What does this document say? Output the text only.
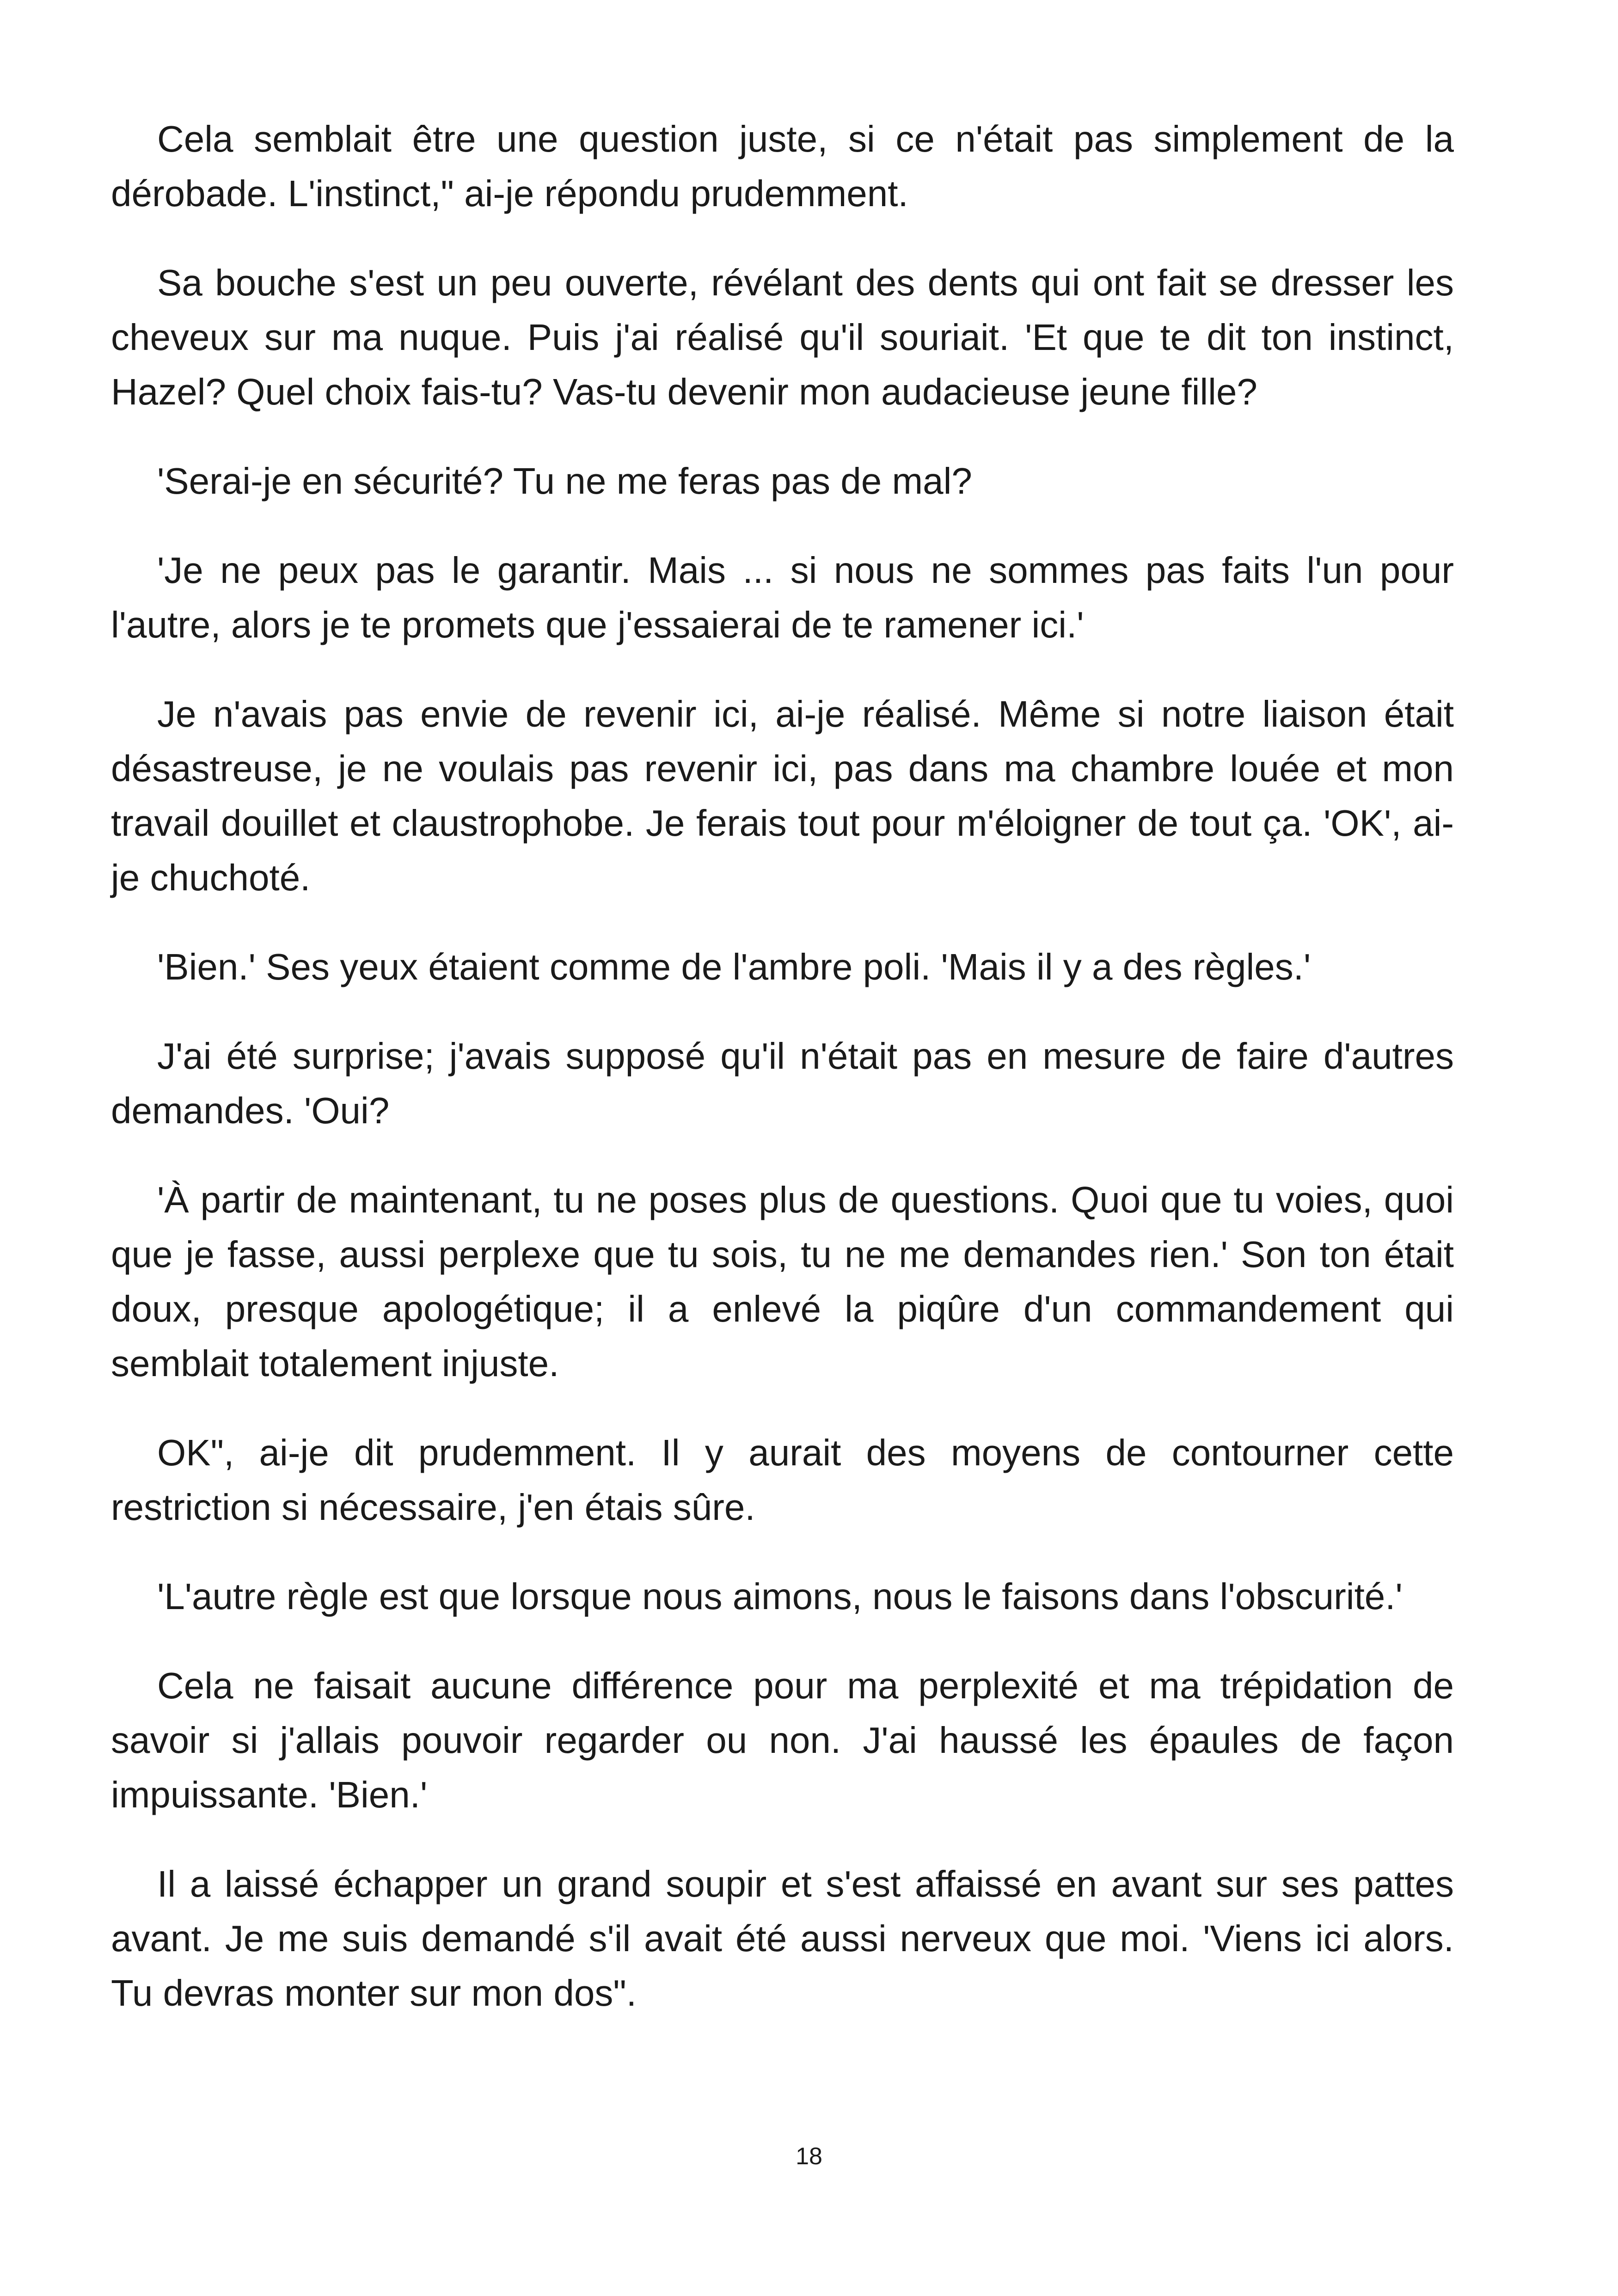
Cela semblait être une question juste, si ce n'était pas simplement de la dérobade. L'instinct," ai-je répondu prudemment.

Sa bouche s'est un peu ouverte, révélant des dents qui ont fait se dresser les cheveux sur ma nuque. Puis j'ai réalisé qu'il souriait. 'Et que te dit ton instinct, Hazel? Quel choix fais-tu? Vas-tu devenir mon audacieuse jeune fille?

'Serai-je en sécurité? Tu ne me feras pas de mal?

'Je ne peux pas le garantir. Mais ... si nous ne sommes pas faits l'un pour l'autre, alors je te promets que j'essaierai de te ramener ici.'

Je n'avais pas envie de revenir ici, ai-je réalisé. Même si notre liaison était désastreuse, je ne voulais pas revenir ici, pas dans ma chambre louée et mon travail douillet et claustrophobe. Je ferais tout pour m'éloigner de tout ça. 'OK', ai-je chuchoté.

'Bien.' Ses yeux étaient comme de l'ambre poli. 'Mais il y a des règles.'

J'ai été surprise; j'avais supposé qu'il n'était pas en mesure de faire d'autres demandes. 'Oui?

'À partir de maintenant, tu ne poses plus de questions. Quoi que tu voies, quoi que je fasse, aussi perplexe que tu sois, tu ne me demandes rien.' Son ton était doux, presque apologétique; il a enlevé la piqûre d'un commandement qui semblait totalement injuste.

OK", ai-je dit prudemment. Il y aurait des moyens de contourner cette restriction si nécessaire, j'en étais sûre.

'L'autre règle est que lorsque nous aimons, nous le faisons dans l'obscurité.'

Cela ne faisait aucune différence pour ma perplexité et ma trépidation de savoir si j'allais pouvoir regarder ou non. J'ai haussé les épaules de façon impuissante. 'Bien.'

Il a laissé échapper un grand soupir et s'est affaissé en avant sur ses pattes avant. Je me suis demandé s'il avait été aussi nerveux que moi. 'Viens ici alors. Tu devras monter sur mon dos".

18
